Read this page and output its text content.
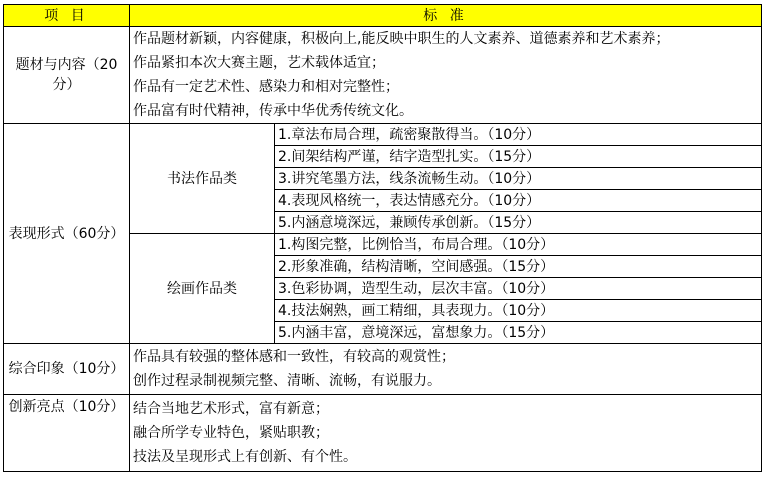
项 目	标 准	
题材与内容（20分）	作品题材新颖，内容健康，积极向上,能反映中职生的人文素养、道德素养和艺术素养；
作品紧扣本次大赛主题，艺术载体适宜；
作品有一定艺术性、感染力和相对完整性；
作品富有时代精神，传承中华优秀传统文化。	

表现形式（60分）	书法作品类	1.章法布局合理，疏密聚散得当。（10分）
		2.间架结构严谨，结字造型扎实。（15分）
		3.讲究笔墨方法，线条流畅生动。（10分）
		4.表现风格统一，表达情感充分。（10分）
		5.内涵意境深远，兼顾传承创新。（15分）
	绘画作品类	1.构图完整，比例恰当，布局合理。（10分）
		2.形象准确，结构清晰，空间感强。（15分）
		3.色彩协调，造型生动，层次丰富。（10分）
		4.技法娴熟，画工精细，具表现力。（10分）
		5.内涵丰富，意境深远，富想象力。（15分）
综合印象（10分）	作品具有较强的整体感和一致性，有较高的观赏性；
创作过程录制视频完整、清晰、流畅，有说服力。	

创新亮点（10分）	结合当地艺术形式，富有新意；
融合所学专业特色，紧贴职教；
技法及呈现形式上有创新、有个性。	
